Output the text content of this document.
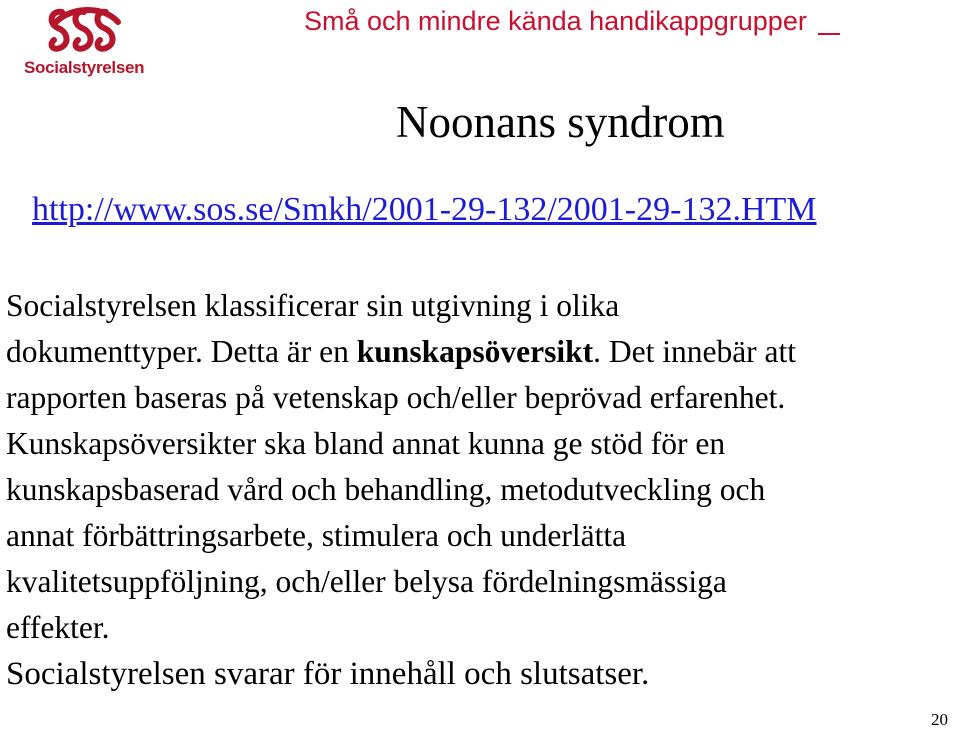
Socialstyrelsen
Små och mindre kända handikappgrupper
Noonans syndrom
http://www.sos.se/Smkh/2001-29-132/2001-29-132.HTM
Socialstyrelsen klassificerar sin utgivning i olika
dokumenttyper. Detta är en kunskapsöversikt. Det innebär att
rapporten baseras på vetenskap och/eller beprövad erfarenhet.
Kunskapsöversikter ska bland annat kunna ge stöd för en
kunskapsbaserad vård och behandling, metodutveckling och
annat förbättringsarbete, stimulera och underlätta
kvalitetsuppföljning, och/eller belysa fördelningsmässiga
effekter.
Socialstyrelsen svarar för innehåll och slutsatser.
20
